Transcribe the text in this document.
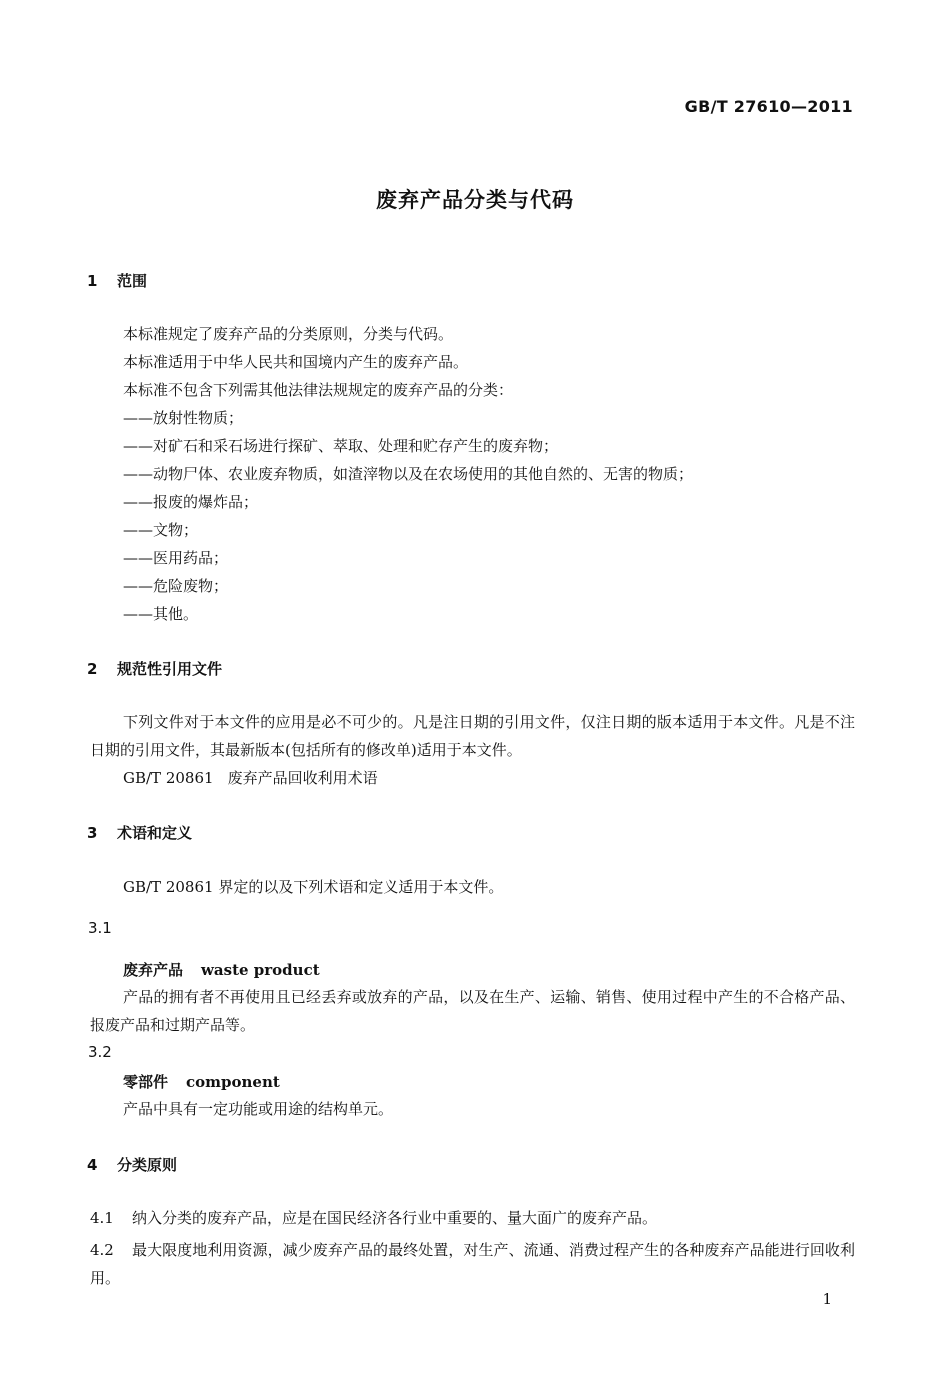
GB/T 27610—2011
废弃产品分类与代码
1 范围
本标准规定了废弃产品的分类原则，分类与代码。
本标准适用于中华人民共和国境内产生的废弃产品。
本标准不包含下列需其他法律法规规定的废弃产品的分类：
——放射性物质；
——对矿石和采石场进行探矿、萃取、处理和贮存产生的废弃物；
——动物尸体、农业废弃物质，如渣滓物以及在农场使用的其他自然的、无害的物质；
——报废的爆炸品；
——文物；
——医用药品；
——危险废物；
——其他。
2 规范性引用文件
下列文件对于本文件的应用是必不可少的。凡是注日期的引用文件，仅注日期的版本适用于本文件。凡是不注日期的引用文件，其最新版本(包括所有的修改单)适用于本文件。
GB/T 20861 废弃产品回收利用术语
3 术语和定义
GB/T 20861 界定的以及下列术语和定义适用于本文件。
3.1
废弃产品 waste product
产品的拥有者不再使用且已经丢弃或放弃的产品，以及在生产、运输、销售、使用过程中产生的不合格产品、报废产品和过期产品等。
3.2
零部件 component
产品中具有一定功能或用途的结构单元。
4 分类原则
4.1 纳入分类的废弃产品，应是在国民经济各行业中重要的、量大面广的废弃产品。
4.2 最大限度地利用资源，减少废弃产品的最终处置，对生产、流通、消费过程产生的各种废弃产品能进行回收利用。
1
